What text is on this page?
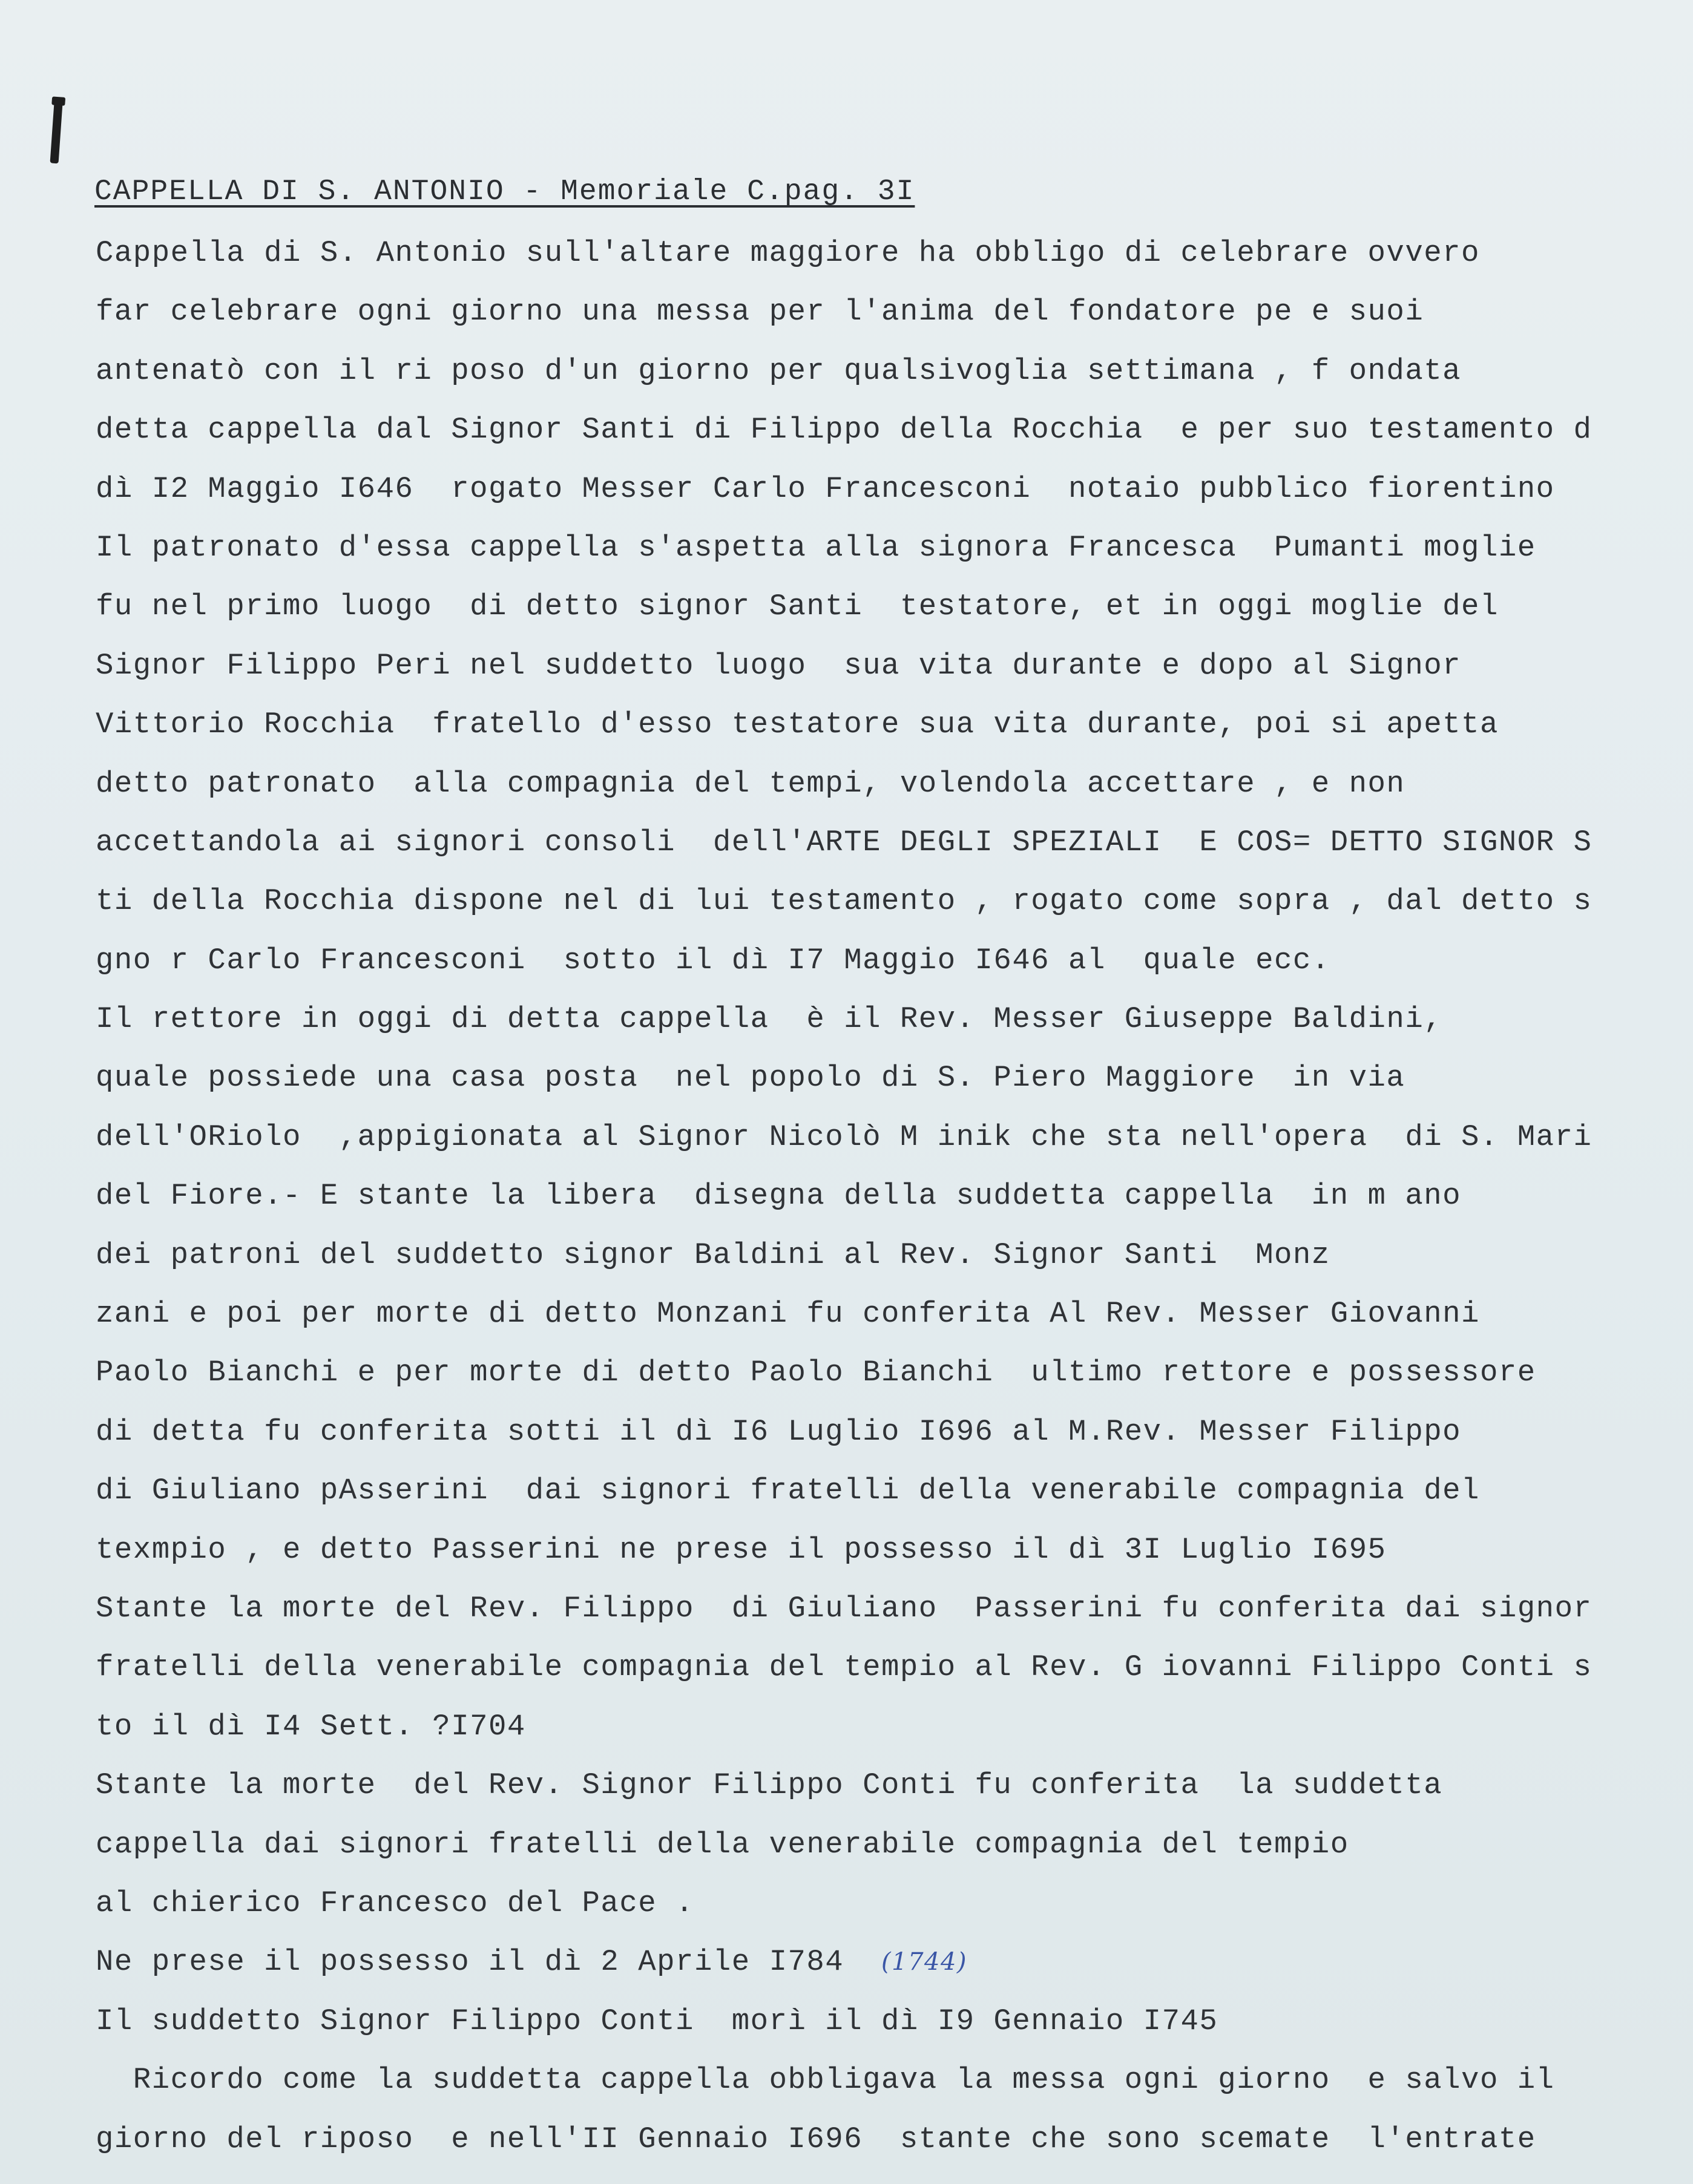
CAPPELLA DI S. ANTONIO - Memoriale C.pag. 3I
Cappella di S. Antonio sull'altare maggiore ha obbligo di celebrare ovvero
far celebrare ogni giorno una messa per l'anima del fondatore pe e suoi
antenatò con il ri poso d'un giorno per qualsivoglia settimana , f ondata
detta cappella dal Signor Santi di Filippo della Rocchia  e per suo testamento d
dì I2 Maggio I646  rogato Messer Carlo Francesconi  notaio pubblico fiorentino
Il patronato d'essa cappella s'aspetta alla signora Francesca  Pumanti moglie
fu nel primo luogo  di detto signor Santi  testatore, et in oggi moglie del
Signor Filippo Peri nel suddetto luogo  sua vita durante e dopo al Signor
Vittorio Rocchia  fratello d'esso testatore sua vita durante, poi si apetta
detto patronato  alla compagnia del tempi, volendola accettare , e non
accettandola ai signori consoli  dell'ARTE DEGLI SPEZIALI  E COS= DETTO SIGNOR S
ti della Rocchia dispone nel di lui testamento , rogato come sopra , dal detto s
gno r Carlo Francesconi  sotto il dì I7 Maggio I646 al  quale ecc.
Il rettore in oggi di detta cappella  è il Rev. Messer Giuseppe Baldini,
quale possiede una casa posta  nel popolo di S. Piero Maggiore  in via
dell'ORiolo  ,appigionata al Signor Nicolò M inik che sta nell'opera  di S. Mari
del Fiore.- E stante la libera  disegna della suddetta cappella  in m ano
dei patroni del suddetto signor Baldini al Rev. Signor Santi  Monz
zani e poi per morte di detto Monzani fu conferita Al Rev. Messer Giovanni
Paolo Bianchi e per morte di detto Paolo Bianchi  ultimo rettore e possessore
di detta fu conferita sotti il dì I6 Luglio I696 al M.Rev. Messer Filippo
di Giuliano pAsserini  dai signori fratelli della venerabile compagnia del
texmpio , e detto Passerini ne prese il possesso il dì 3I Luglio I695
Stante la morte del Rev. Filippo  di Giuliano  Passerini fu conferita dai signor
fratelli della venerabile compagnia del tempio al Rev. G iovanni Filippo Conti s
to il dì I4 Sett. ?I704
Stante la morte  del Rev. Signor Filippo Conti fu conferita  la suddetta
cappella dai signori fratelli della venerabile compagnia del tempio
al chierico Francesco del Pace .
Ne prese il possesso il dì 2 Aprile I784 (1744)
Il suddetto Signor Filippo Conti  morì il dì I9 Gennaio I745
Ricordo come la suddetta cappella obbligava la messa ogni giorno  e salvo il
giorno del riposo  e nell'II Gennaio I696  stante che sono scemate  l'entrate
